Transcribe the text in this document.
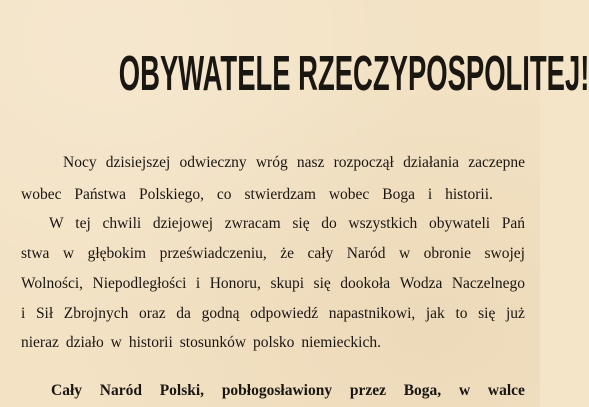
OBYWATELE RZECZYPOSPOLITEJ!
Nocy dzisiejszej odwieczny wróg nasz rozpoczął działania zaczepne
wobec Państwa Polskiego, co stwierdzam wobec Boga i historii.
W tej chwili dziejowej zwracam się do wszystkich obywateli Pań
stwa w głębokim przeświadczeniu, że cały Naród w obronie swojej
Wolności, Niepodległości i Honoru, skupi się dookoła Wodza Naczelnego
i Sił Zbrojnych oraz da godną odpowiedź napastnikowi, jak to się już
nieraz działo w historii stosunków polsko niemieckich.
Cały Naród Polski, pobłogosławiony przez Boga, w walce
